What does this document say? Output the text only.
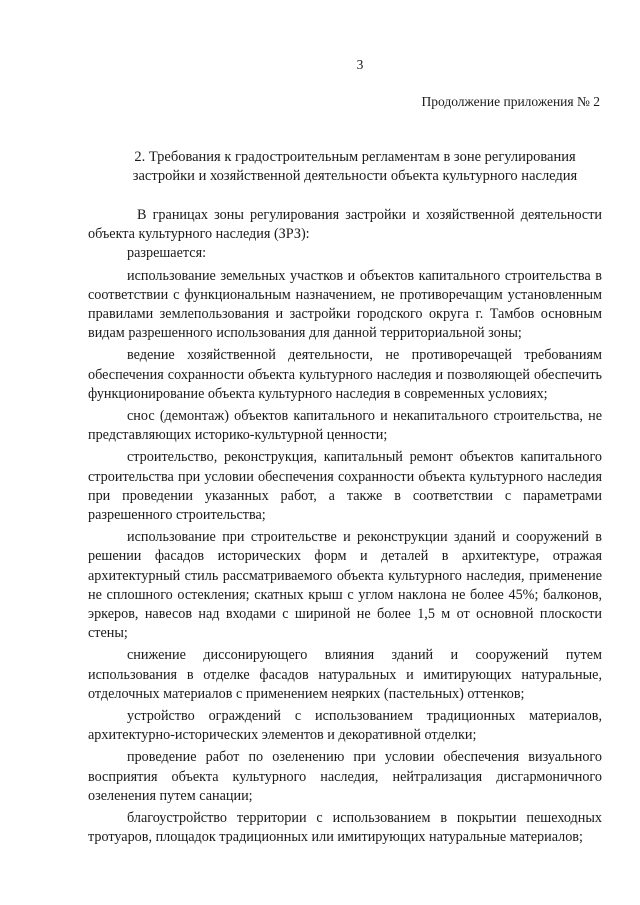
3
Продолжение приложения № 2
2. Требования к градостроительным регламентам в зоне регулирования
застройки и хозяйственной деятельности объекта культурного наследия

В границах зоны регулирования застройки и хозяйственной деятельности объекта культурного наследия (ЗРЗ):

разрешается:

использование земельных участков и объектов капитального строительства в соответствии с функциональным назначением, не противоречащим установленным правилами землепользования и застройки городского округа г. Тамбов основным видам разрешенного использования для данной территориальной зоны;

ведение хозяйственной деятельности, не противоречащей требованиям обеспечения сохранности объекта культурного наследия и позволяющей обеспечить функционирование объекта культурного наследия в современных условиях;

снос (демонтаж) объектов капитального и некапитального строительства, не представляющих историко-культурной ценности;

строительство, реконструкция, капитальный ремонт объектов капитального строительства при условии обеспечения сохранности объекта культурного наследия при проведении указанных работ, а также в соответствии с параметрами разрешенного строительства;

использование при строительстве и реконструкции зданий и сооружений в решении фасадов исторических форм и деталей в архитектуре, отражая архитектурный стиль рассматриваемого объекта культурного наследия, применение не сплошного остекления; скатных крыш с углом наклона не более 45%; балконов, эркеров, навесов над входами с шириной не более 1,5 м от основной плоскости стены;

снижение диссонирующего влияния зданий и сооружений путем использования в отделке фасадов натуральных и имитирующих натуральные, отделочных материалов с применением неярких (пастельных) оттенков;

устройство ограждений с использованием традиционных материалов, архитектурно-исторических элементов и декоративной отделки;

проведение работ по озеленению при условии обеспечения визуального восприятия объекта культурного наследия, нейтрализация дисгармоничного озеленения путем санации;

благоустройство территории с использованием в покрытии пешеходных тротуаров, площадок традиционных или имитирующих натуральные материалов;
